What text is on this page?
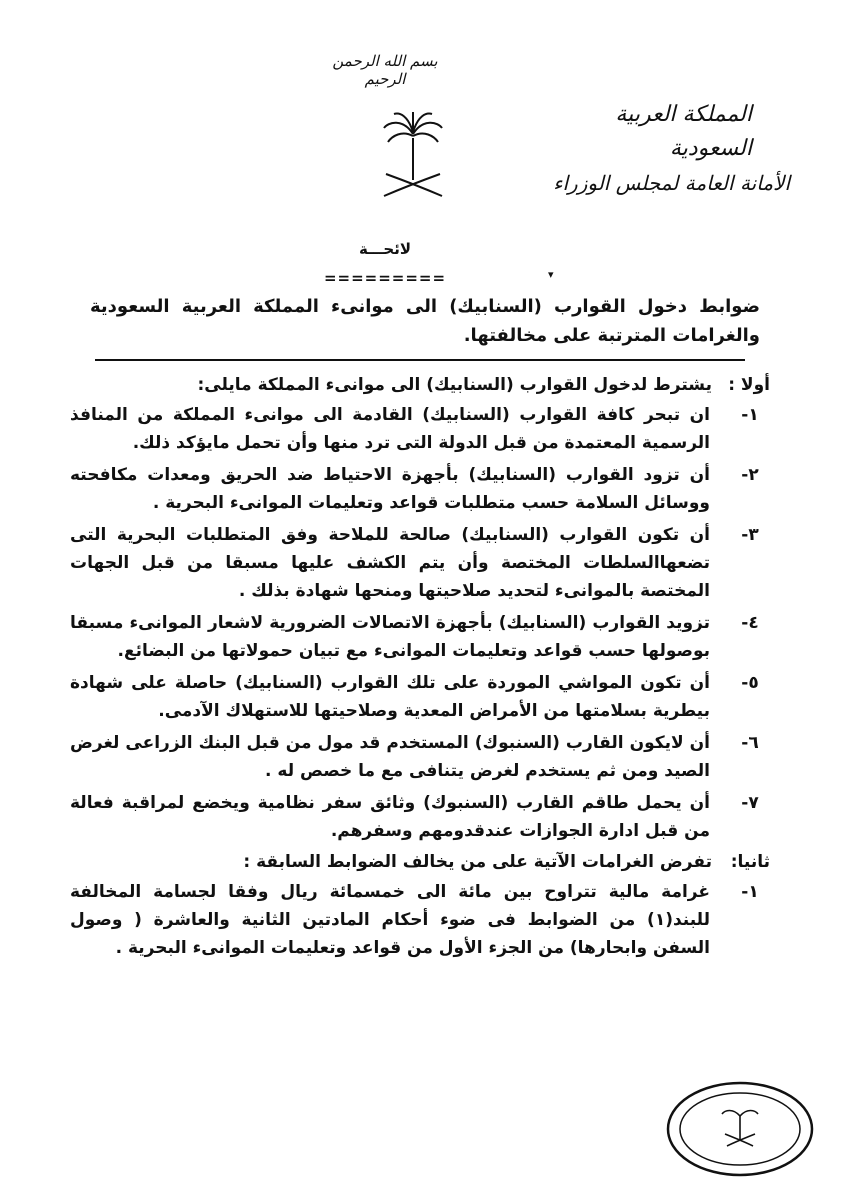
بسم الله الرحمن الرحيم
المملكة العربية السعودية
الأمانة العامة لمجلس الوزراء
لائحـــة
=========	▾
ضوابط دخول القوارب (السنابيك) الى موانىء المملكة العربية السعودية والغرامات المترتبة على مخالفتها.
أولا :
يشترط لدخول القوارب (السنابيك) الى موانىء المملكة مايلى:
١-
ان تبحر كافة القوارب (السنابيك) القادمة الى موانىء المملكة من المنافذ الرسمية المعتمدة من قبل الدولة التى ترد منها وأن تحمل مايؤكد ذلك.
٢-
أن تزود القوارب (السنابيك) بأجهزة الاحتياط ضد الحريق ومعدات مكافحته ووسائل السلامة حسب متطلبات قواعد وتعليمات الموانىء البحرية .
٣-
أن تكون القوارب (السنابيك) صالحة للملاحة وفق المتطلبات البحرية التى تضعهاالسلطات المختصة وأن يتم الكشف عليها مسبقا من قبل الجهات المختصة بالموانىء لتحديد صلاحيتها ومنحها شهادة بذلك .
٤-
تزويد القوارب (السنابيك) بأجهزة الاتصالات الضرورية لاشعار الموانىء مسبقا بوصولها حسب قواعد وتعليمات الموانىء مع تبيان حمولاتها من البضائع.
٥-
أن تكون المواشي الموردة على تلك القوارب (السنابيك) حاصلة على شهادة بيطرية بسلامتها من الأمراض المعدية وصلاحيتها للاستهلاك الآدمى.
٦-
أن لايكون القارب (السنبوك) المستخدم قد مول من قبل البنك الزراعى لغرض الصيد ومن ثم يستخدم لغرض يتنافى مع ما خصص له .
٧-
أن يحمل طاقم القارب (السنبوك) وثائق سفر نظامية ويخضع لمراقبة فعالة من قبل ادارة الجوازات عندقدومهم وسفرهم.
ثانيا:
تفرض الغرامات الآتية على من يخالف الضوابط السابقة :
١-
غرامة مالية تتراوح بين مائة الى خمسمائة ريال وفقا لجسامة المخالفة للبند(١) من الضوابط فى ضوء أحكام المادتين الثانية والعاشرة ( وصول السفن وابحارها) من الجزء الأول من قواعد وتعليمات الموانىء البحرية .
